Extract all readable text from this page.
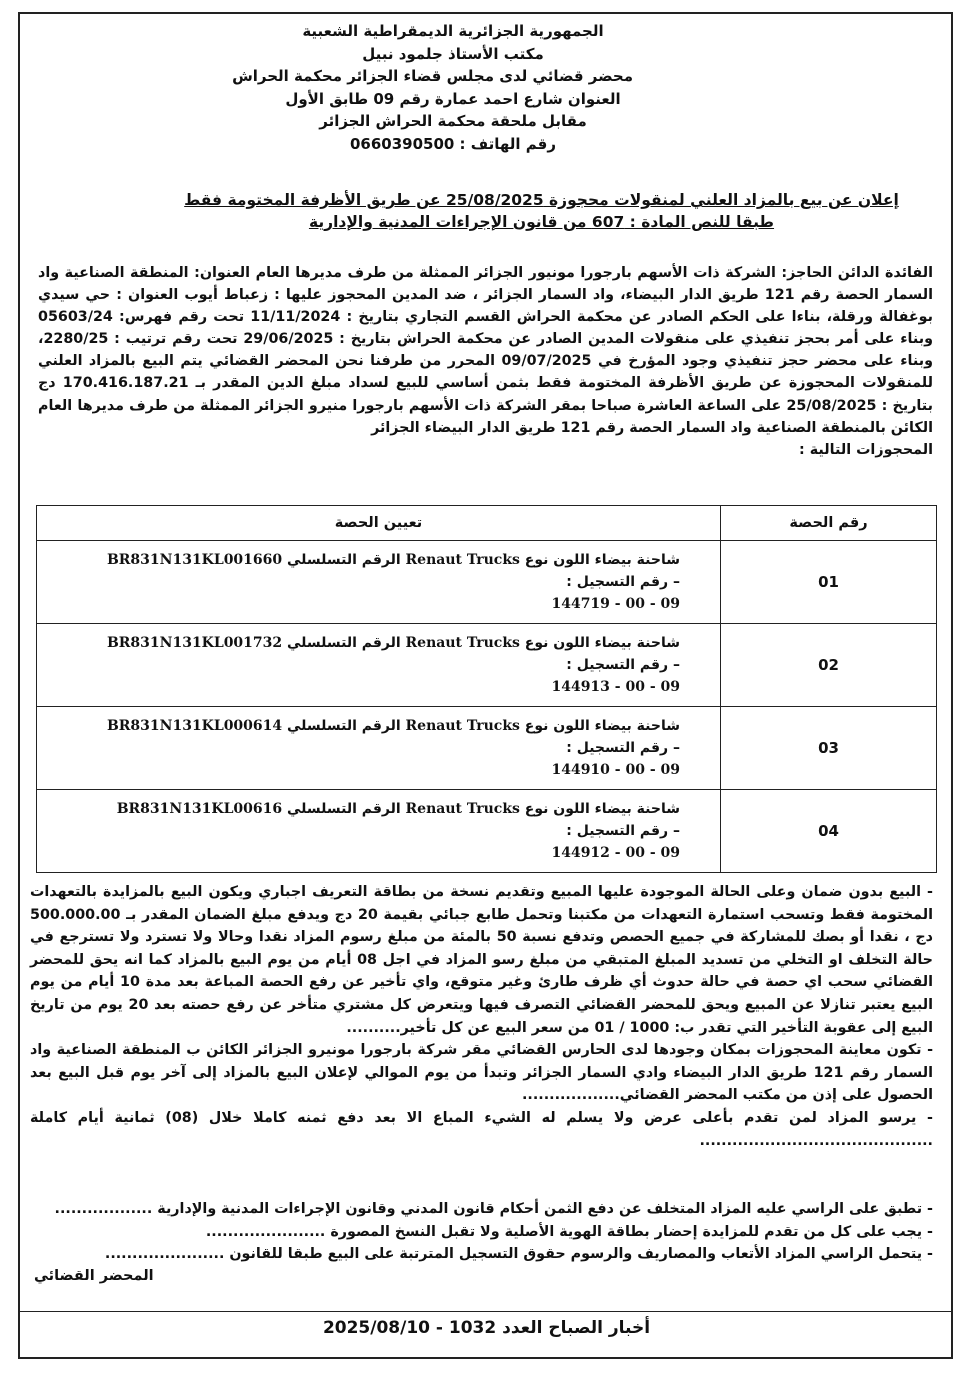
الجمهورية الجزائرية الديمقراطية الشعبية
مكتب الأستاذ جلمود نبيل
محضر قضائي لدى مجلس قضاء الجزائر محكمة الحراش
العنوان شارع احمد عمارة رقم 09 طابق الأول
مقابل ملحقة محكمة الحراش الجزائر
رقم الهاتف : 0660390500
إعلان عن بيع بالمزاد العلني لمنقولات محجوزة 25/08/2025 عن طريق الأظرفة المختومة فقط
طبقا للنص المادة : 607 من قانون الإجراءات المدنية والإدارية
الفائدة الدائن الحاجز: الشركة ذات الأسهم بارجورا مونيور الجزائر الممثلة من طرف مديرها العام العنوان: المنطقة الصناعية واد السمار الحصة رقم 121 طريق الدار البيضاء، واد السمار الجزائر ، ضد المدين المحجوز عليها : زعباط أيوب العنوان : حي سيدي بوغفالة ورقلة، بناءا على الحكم الصادر عن محكمة الحراش القسم التجاري بتاريخ : 11/11/2024 تحت رقم فهرس: 05603/24 وبناء على أمر بحجز تنفيذي على منقولات المدين الصادر عن محكمة الحراش بتاريخ : 29/06/2025 تحت رقم ترتيب : 2280/25، وبناء على محضر حجز تنفيذي وجود المؤرخ في 09/07/2025 المحرر من طرفنا نحن المحضر القضائي يتم البيع بالمزاد العلني للمنقولات المحجوزة عن طريق الأظرفة المختومة فقط بثمن أساسي للبيع لسداد مبلغ الدين المقدر بـ 170.416.187.21 دج بتاريخ : 25/08/2025 على الساعة العاشرة صباحا بمقر الشركة ذات الأسهم بارجورا منيرو الجزائر الممثلة من طرف مديرها العام الكائن بالمنطقة الصناعية واد السمار الحصة رقم 121 طريق الدار البيضاء الجزائر
المحجوزات التالية :
رقم الحصة	تعيين الحصة
01	شاحنة بيضاء اللون نوع Renaut Trucks الرقم التسلسلي BR831N131KL001660
– رقم التسجيل :
144719 - 00 - 09

02	شاحنة بيضاء اللون نوع Renaut Trucks الرقم التسلسلي BR831N131KL001732
– رقم التسجيل :
144913 - 00 - 09

03	شاحنة بيضاء اللون نوع Renaut Trucks الرقم التسلسلي BR831N131KL000614
– رقم التسجيل :
144910 - 00 - 09

04	شاحنة بيضاء اللون نوع Renaut Trucks الرقم التسلسلي BR831N131KL00616
– رقم التسجيل :
144912 - 00 - 09

- البيع بدون ضمان وعلى الحالة الموجودة عليها المبيع وتقديم نسخة من بطاقة التعريف اجباري ويكون البيع بالمزايدة بالتعهدات المختومة فقط وتسحب استمارة التعهدات من مكتبنا وتحمل طابع جبائي بقيمة 20 دج ويدفع مبلغ الضمان المقدر بـ 500.000.00 دج ، نقدا أو بصك للمشاركة في جميع الحصص وتدفع نسبة 50 بالمئة من مبلغ رسوم المزاد نقدا وحالا ولا تسترد ولا تسترجع في حالة التخلف او التخلي من تسديد المبلغ المتبقي من مبلغ رسو المزاد في اجل 08 أيام من يوم البيع بالمزاد كما انه يحق للمحضر القضائي سحب اي حصة في حالة حدوث أي ظرف طارئ وغير متوقع، واي تأخير عن رفع الحصة المباعة بعد مدة 10 أيام من يوم البيع يعتبر تنازلا عن المبيع ويحق للمحضر القضائي التصرف فيها ويتعرض كل مشتري متأخر عن رفع حصته بعد 20 يوم من تاريخ البيع إلى عقوبة التأخير التي تقدر ب: 1000 / 01 من سعر البيع عن كل تأخير..........

- تكون معاينة المحجوزات بمكان وجودها لدى الحارس القضائي مقر شركة بارجورا مونيرو الجزائر الكائن ب المنطقة الصناعية واد السمار رقم 121 طريق الدار البيضاء وادي السمار الجزائر وتبدأ من يوم الموالي لإعلان البيع بالمزاد إلى آخر يوم قبل البيع بعد الحصول على إذن من مكتب المحضر القضائي..................

- يرسو المزاد لمن تقدم بأعلى عرض ولا يسلم له الشيء المباع الا بعد دفع ثمنه كاملا خلال (08) ثمانية أيام كاملة ...........................................

- تطبق على الراسي عليه المزاد المتخلف عن دفع الثمن أحكام قانون المدني وقانون الإجراءات المدنية والإدارية ..................

- يجب على كل من تقدم للمزايدة إحضار بطاقة الهوية الأصلية ولا تقبل النسخ المصورة ......................

- يتحمل الراسي المزاد الأتعاب والمصاريف والرسوم حقوق التسجيل المترتبة على البيع طبقا للقانون ......................

المحضر القضائي
أخبار الصباح العدد 1032 - 2025/08/10
